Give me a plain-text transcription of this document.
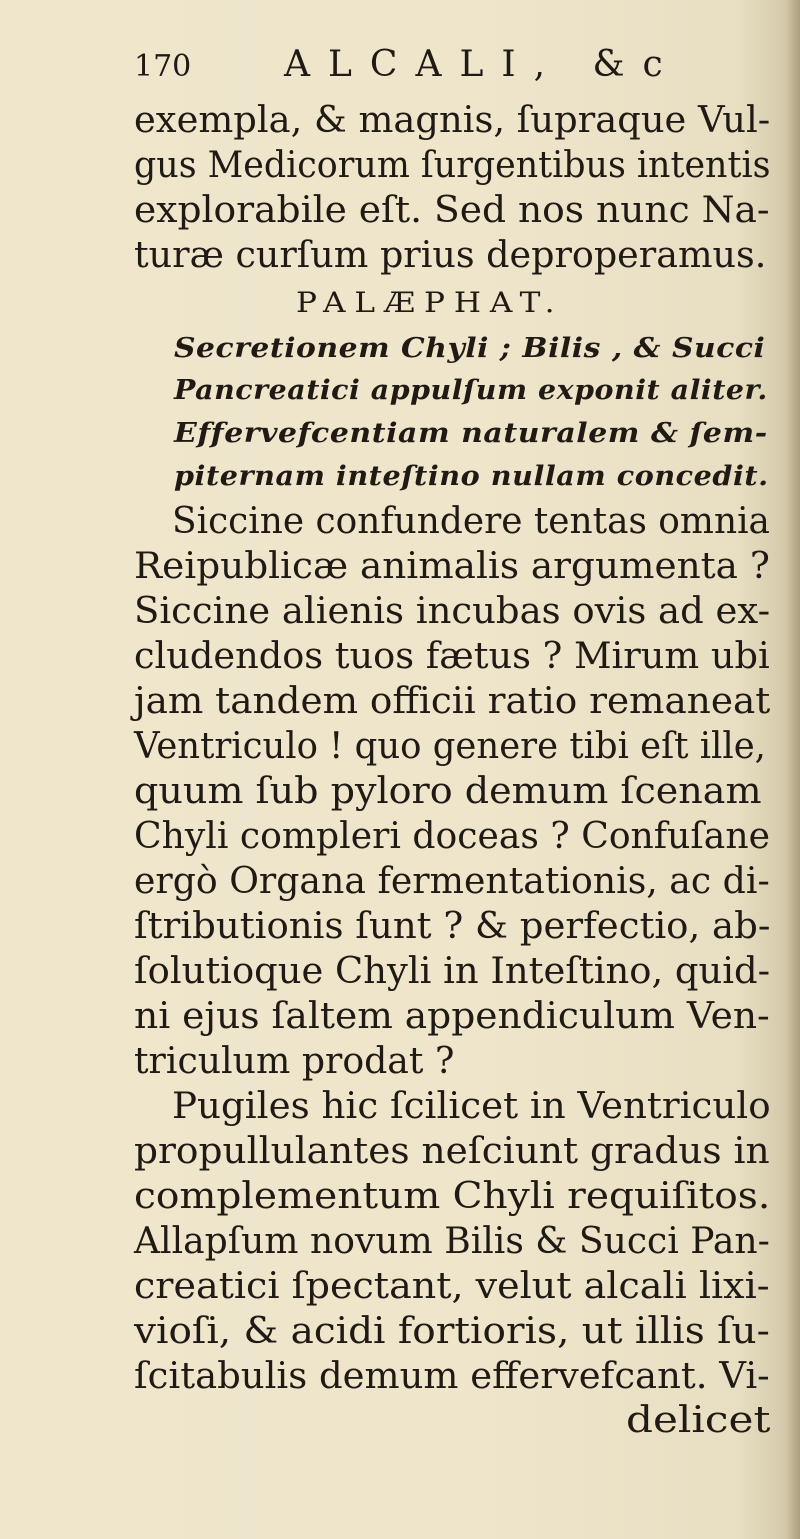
170	ALCALI, &c
exempla, & magnis, ſupraque Vul-
gus Medicorum ſurgentibus intentis
explorabile eſt. Sed nos nunc Na-
turæ curſum prius deproperamus.
PALÆPHAT.
Secretionem Chyli ; Bilis , & Succi
Pancreatici appulſum exponit aliter.
Effervefcentiam naturalem & ſem-
piternam inteſtino nullam concedit.
Siccine confundere tentas omnia
Reipublicæ animalis argumenta ?
Siccine alienis incubas ovis ad ex-
cludendos tuos fætus ? Mirum ubi
jam tandem officii ratio remaneat
Ventriculo ! quo genere tibi eſt ille,
quum ſub pyloro demum ſcenam
Chyli compleri doceas ? Confuſane
ergò Organa fermentationis, ac di-
ſtributionis ſunt ? & perfectio, ab-
ſolutioque Chyli in Inteſtino, quid-
ni ejus ſaltem appendiculum Ven-
triculum prodat ?
Pugiles hic ſcilicet in Ventriculo
propullulantes neſciunt gradus in
complementum Chyli requiſitos.
Allapſum novum Bilis & Succi Pan-
creatici ſpectant, velut alcali lixi-
vioſi, & acidi fortioris, ut illis ſu-
ſcitabulis demum effervefcant. Vi-
delicet
